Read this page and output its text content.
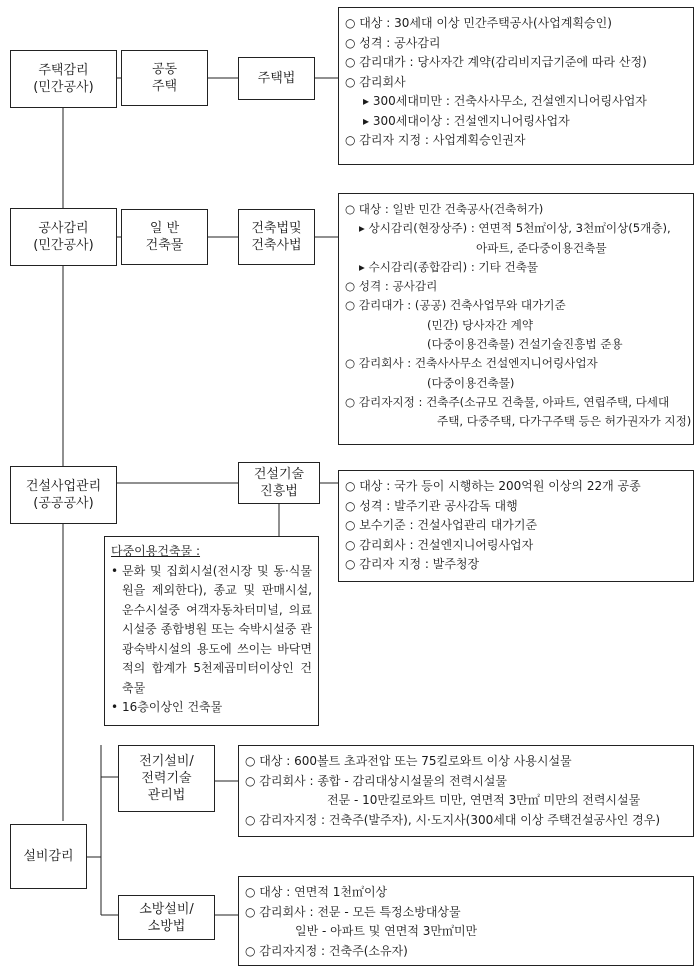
주택감리
(민간공사)
공동
주택
주택법
○ 대상 : 30세대 이상 민간주택공사(사업계획승인)
○ 성격 : 공사감리
○ 감리대가 : 당사자간 계약(감리비지급기준에 따라 산정)
○ 감리회사
▸ 300세대미만 : 건축사사무소, 건설엔지니어링사업자
▸ 300세대이상 : 건설엔지니어링사업자
○ 감리자 지정 : 사업계획승인권자
공사감리
(민간공사)
일 반
건축물
건축법및
건축사법
○ 대상 : 일반 민간 건축공사(건축허가)
▸ 상시감리(현장상주) : 연면적 5천㎡이상, 3천㎡이상(5개층),
아파트, 준다중이용건축물
▸ 수시감리(종합감리) : 기타 건축물
○ 성격 : 공사감리
○ 감리대가 : (공공) 건축사업무와 대가기준
(민간) 당사자간 계약
(다중이용건축물) 건설기술진흥법 준용
○ 감리회사 : 건축사사무소 건설엔지니어링사업자
(다중이용건축물)
○ 감리자지정 : 건축주(소규모 건축물, 아파트, 연립주택, 다세대
주택, 다중주택, 다가구주택 등은 허가권자가 지정)
건설사업관리
(공공공사)
건설기술
진흥법	○ 대상 : 국가 등이 시행하는 200억원 이상의 22개 공종
○ 성격 : 발주기관 공사감독 대행
○ 보수기준 : 건설사업관리 대가기준
○ 감리회사 : 건설엔지니어링사업자
○ 감리자 지정 : 발주청장
다중이용건축물 :
• 문화 및 집회시설(전시장 및 동·식물원을 제외한다), 종교 및 판매시설, 운수시설중 여객자동차터미널, 의료시설중 종합병원 또는 숙박시설중 관광숙박시설의 용도에 쓰이는 바닥면적의 합계가 5천제곱미터이상인 건축물
• 16층이상인 건축물
설비감리
전기설비/
전력기술
관리법
○ 대상 : 600볼트 초과전압 또는 75킬로와트 이상 사용시설물
○ 감리회사 : 종합 - 감리대상시설물의 전력시설물
전문 - 10만킬로와트 미만, 연면적 3만㎡ 미만의 전력시설물
○ 감리자지정 : 건축주(발주자), 시·도지사(300세대 이상 주택건설공사인 경우)
소방설비/
소방법
○ 대상 : 연면적 1천㎡이상
○ 감리회사 : 전문 - 모든 특정소방대상물
일반 - 아파트 및 연면적 3만㎡미만
○ 감리자지정 : 건축주(소유자)
